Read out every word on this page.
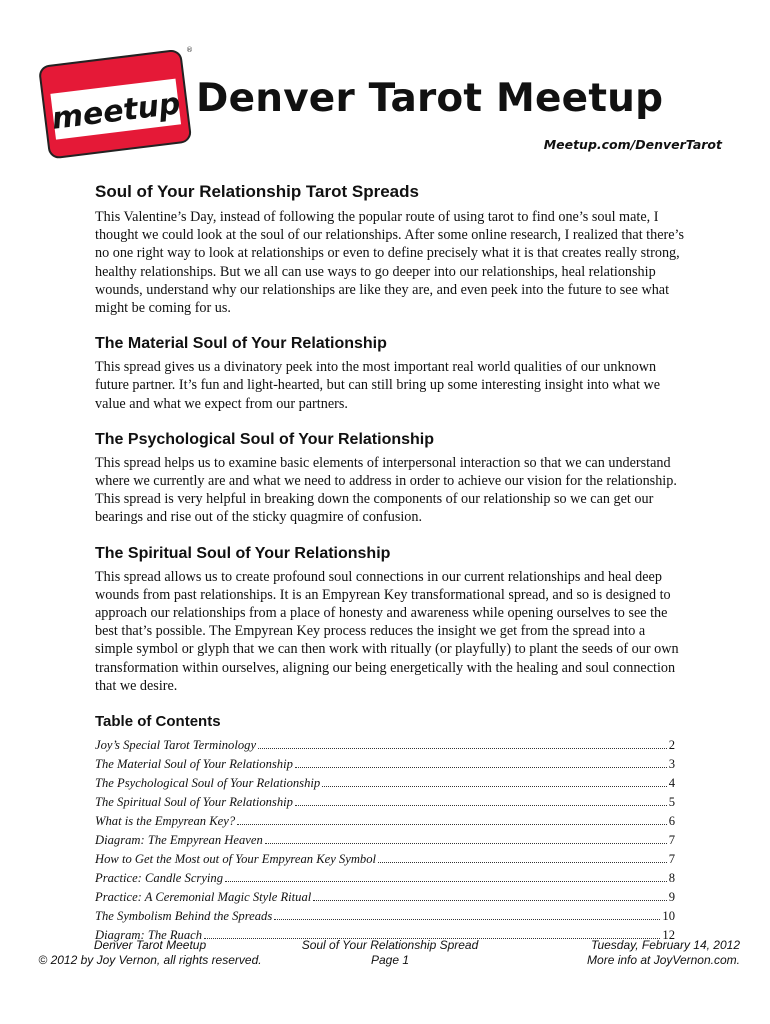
meetup
®
Denver Tarot Meetup
Meetup.com/DenverTarot
Soul of Your Relationship Tarot Spreads

This Valentine’s Day, instead of following the popular route of using tarot to find one’s soul mate, I thought we could look at the soul of our relationships. After some online research, I realized that there’s no one right way to look at relationships or even to define precisely what it is that creates really strong, healthy relationships. But we all can use ways to go deeper into our relationships, heal relationship wounds, understand why our relationships are like they are, and even peek into the future to see what might be coming for us.

The Material Soul of Your Relationship

This spread gives us a divinatory peek into the most important real world qualities of our unknown future partner. It’s fun and light-hearted, but can still bring up some interesting insight into what we value and what we expect from our partners.

The Psychological Soul of Your Relationship

This spread helps us to examine basic elements of interpersonal interaction so that we can understand where we currently are and what we need to address in order to achieve our vision for the relationship. This spread is very helpful in breaking down the components of our relationship so we can get our bearings and rise out of the sticky quagmire of confusion.

The Spiritual Soul of Your Relationship

This spread allows us to create profound soul connections in our current relationships and heal deep wounds from past relationships. It is an Empyrean Key transformational spread, and so is designed to approach our relationships from a place of honesty and awareness while opening ourselves to see the best that’s possible. The Empyrean Key process reduces the insight we get from the spread into a simple symbol or glyph that we can then work with ritually (or playfully) to plant the seeds of our own transformation within ourselves, aligning our being energetically with the healing and soul connection that we desire.

Table of Contents
Joy’s Special Tarot Terminology	2
The Material Soul of Your Relationship	3
The Psychological Soul of Your Relationship	4
The Spiritual Soul of Your Relationship	5
What is the Empyrean Key?	6
Diagram: The Empyrean Heaven	7
How to Get the Most out of Your Empyrean Key Symbol	7
Practice: Candle Scrying	8
Practice: A Ceremonial Magic Style Ritual	9
The Symbolism Behind the Spreads	10
Diagram: The Ruach	12
Denver Tarot Meetup
© 2012 by Joy Vernon, all rights reserved.
Soul of Your Relationship Spread
Page 1
Tuesday, February 14, 2012
More info at JoyVernon.com.
